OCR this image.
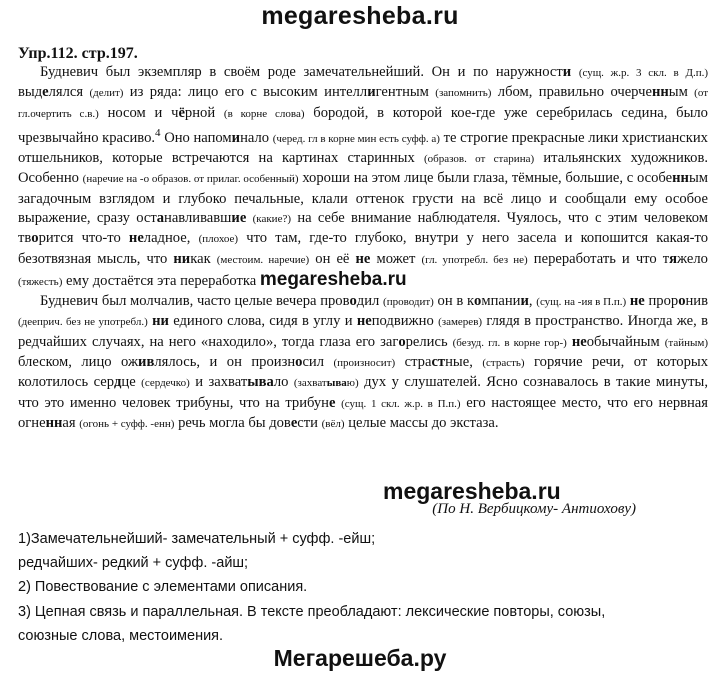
megaresheba.ru
Упр.112. стр.197.

Будневич был экземпляр в своём роде замечательнейший. Он и по наружности (сущ. ж.р. 3 скл. в Д.п.) выделялся (делит) из ряда: лицо его с высоким интеллигентным (запомнить) лбом, правильно очерченным (от гл.очертить с.в.) носом и чёрной (в корне слова) бородой, в которой кое-где уже серебрилась седина, было чрезвычайно красиво.$^4$ Оно напоминало (черед. гл в корне мин есть суфф. а) те строгие прекрасные лики христианских отшельников, которые встречаются на картинах старинных (образов. от старина) итальянских художников. Особенно (наречие на -о образов. от прилаг. особенный) хороши на этом лице были глаза, тёмные, большие, с особенным загадочным взглядом и глубоко печальные, клали оттенок грусти на всё лицо и сообщали ему особое выражение, сразу останавливавшие (какие?) на себе внимание наблюдателя. Чуялось, что с этим человеком творится что-то неладное, (плохое) что там, где-то глубоко, внутри у него засела и копошится какая-то безотвязная мысль, что никак (местоим. наречие) он её не может (гл. употребл. без не) переработать и что тяжело (тяжесть) ему достаётся эта переработка megaresheba.ru

Будневич был молчалив, часто целые вечера проводил (проводит) он в компании, (сущ. на -ия в П.п.) не проронив (дееприч. без не употребл.) ни единого слова, сидя в углу и неподвижно (замерев) глядя в пространство. Иногда же, в редчайших случаях, на него «находило», тогда глаза его загорелись (безуд. гл. в корне гор-) необычайным (тайным) блеском, лицо оживлялось, и он произносил (произносит) страстные, (страсть) горячие речи, от которых колотилось сердце (сердечко) и захватывало (захватываю) дух у слушателей. Ясно сознавалось в такие минуты, что это именно человек трибуны, что на трибуне (сущ. 1 скл. ж.р. в П.п.) его настоящее место, что его нервная огненная (огонь + суфф. -енн) речь могла бы довести (вёл) целые массы до экстаза.

megaresheba.ru
(По Н. Вербицкому- Антиохову)
1)Замечательнейший- замечательный + суфф. -ейш;
редчайших- редкий + суфф. -айш;
2) Повествование с элементами описания.
3) Цепная связь и параллельная. В тексте преобладают: лексические повторы, союзы,
союзные слова, местоимения.
Мегарешеба.ру
